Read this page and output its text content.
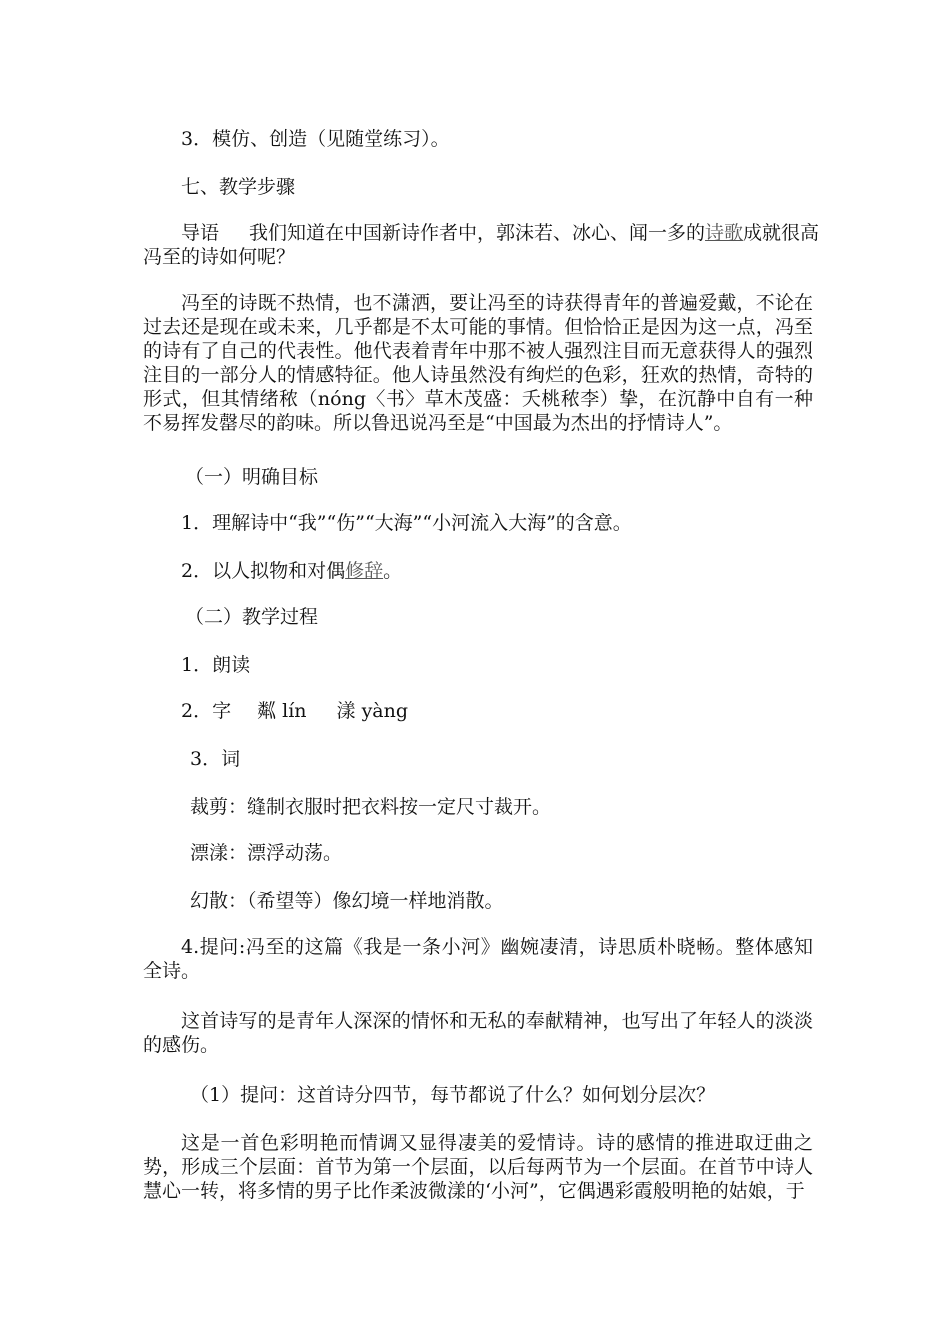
3．模仿、创造（见随堂练习）。
七、教学步骤
导语 我们知道在中国新诗作者中，郭沫若、冰心、闻一多的诗歌成就很高
冯至的诗如何呢？
冯至的诗既不热情，也不潇洒，要让冯至的诗获得青年的普遍爱戴，不论在过去还是现在或未来，几乎都是不太可能的事情。但恰恰正是因为这一点，冯至的诗有了自己的代表性。他代表着青年中那不被人强烈注目而无意获得人的强烈注目的一部分人的情感特征。他人诗虽然没有绚烂的色彩，狂欢的热情，奇特的形式，但其情绪秾（nóng〈书〉草木茂盛：夭桃秾李）挚，在沉静中自有一种不易挥发罄尽的韵味。所以鲁迅说冯至是“中国最为杰出的抒情诗人”。
（一）明确目标
1．理解诗中“我”“伤”“大海”“小河流入大海”的含意。
2．以人拟物和对偶修辞。
（二）教学过程
1．朗读
2．字 粼 lín 漾 yàng
3．词
裁剪：缝制衣服时把衣料按一定尺寸裁开。
漂漾：漂浮动荡。
幻散：（希望等）像幻境一样地消散。
4.提问:冯至的这篇《我是一条小河》幽婉凄清，诗思质朴晓畅。整体感知全诗。
这首诗写的是青年人深深的情怀和无私的奉献精神，也写出了年轻人的淡淡的感伤。
（1）提问：这首诗分四节，每节都说了什么？如何划分层次？
这是一首色彩明艳而情调又显得凄美的爱情诗。诗的感情的推进取迂曲之势，形成三个层面：首节为第一个层面，以后每两节为一个层面。在首节中诗人慧心一转，将多情的男子比作柔波微漾的‘小河”，它偶遇彩霞般明艳的姑娘，于
